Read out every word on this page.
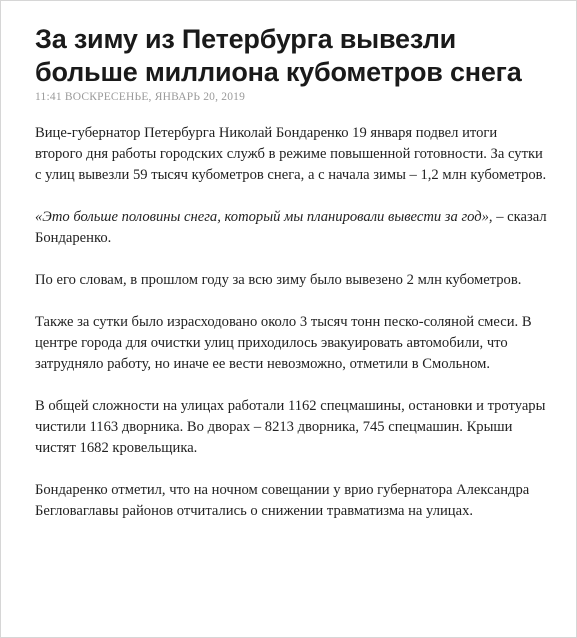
За зиму из Петербурга вывезли больше миллиона кубометров снега
11:41 ВОСКРЕСЕНЬЕ, ЯНВАРЬ 20, 2019

Вице-губернатор Петербурга Николай Бондаренко 19 января подвел итоги второго дня работы городских служб в режиме повышенной готовности. За сутки с улиц вывезли 59 тысяч кубометров снега, а с начала зимы – 1,2 млн кубометров.

«Это больше половины снега, который мы планировали вывести за год», – сказал Бондаренко.

По его словам, в прошлом году за всю зиму было вывезено 2 млн кубометров.

Также за сутки было израсходовано около 3 тысяч тонн песко-соляной смеси. В центре города для очистки улиц приходилось эвакуировать автомобили, что затрудняло работу, но иначе ее вести невозможно, отметили в Смольном.

В общей сложности на улицах работали 1162 спецмашины, остановки и тротуары чистили 1163 дворника. Во дворах – 8213 дворника, 745 спецмашин. Крыши чистят 1682 кровельщика.

Бондаренко отметил, что на ночном совещании у врио губернатора Александра Бегловаглавы районов отчитались о снижении травматизма на улицах.
